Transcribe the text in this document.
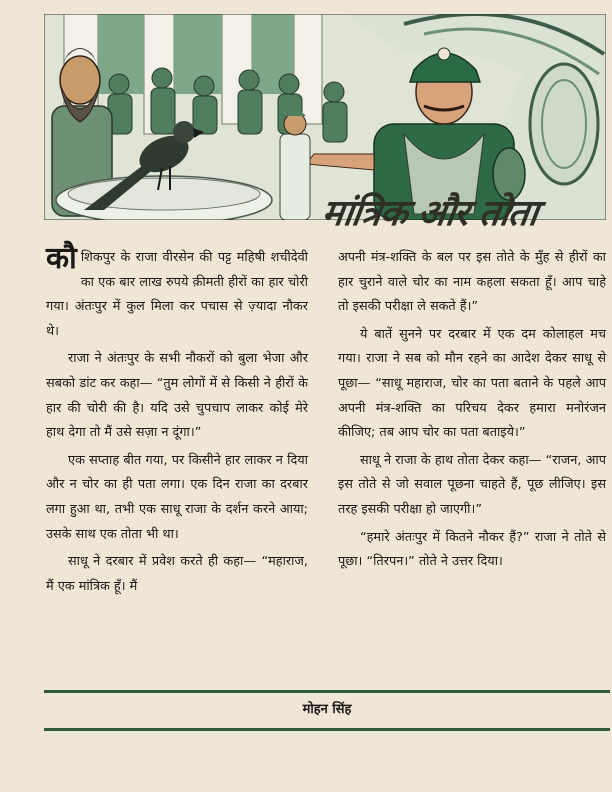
मांत्रिक और तोता

कौशिकपुर के राजा वीरसेन की पट्ट महिषी शचीदेवी का एक बार लाख रुपये क़ीमती हीरों का हार चोरी गया। अंतःपुर में कुल मिला कर पचास से ज़्यादा नौकर थे।

राजा ने अंतःपुर के सभी नौकरों को बुला भेजा और सबको डांट कर कहा— “तुम लोगों में से किसी ने हीरों के हार की चोरी की है। यदि उसे चुपचाप लाकर कोई मेरे हाथ देगा तो मैं उसे सज़ा न दूंगा।”

एक सप्ताह बीत गया, पर किसीने हार लाकर न दिया और न चोर का ही पता लगा। एक दिन राजा का दरबार लगा हुआ था, तभी एक साधू राजा के दर्शन करने आया; उसके साथ एक तोता भी था।

साधू ने दरबार में प्रवेश करते ही कहा— “महाराज, मैं एक मांत्रिक हूँ। मैं

अपनी मंत्र-शक्ति के बल पर इस तोते के मुँह से हीरों का हार चुराने वाले चोर का नाम कहला सकता हूँ। आप चाहे तो इसकी परीक्षा ले सकते हैं।”

ये बातें सुनने पर दरबार में एक दम कोलाहल मच गया। राजा ने सब को मौन रहने का आदेश देकर साधू से पूछा— “साधू महाराज, चोर का पता बताने के पहले आप अपनी मंत्र-शक्ति का परिचय देकर हमारा मनोरंजन कीजिए; तब आप चोर का पता बताइये।”

साधू ने राजा के हाथ तोता देकर कहा— “राजन, आप इस तोते से जो सवाल पूछना चाहते हैं, पूछ लीजिए। इस तरह इसकी परीक्षा हो जाएगी।”

“हमारे अंतःपुर में कितने नौकर हैं?” राजा ने तोते से पूछा। “तिरपन।” तोते ने उत्तर दिया।

मोहन सिंह
